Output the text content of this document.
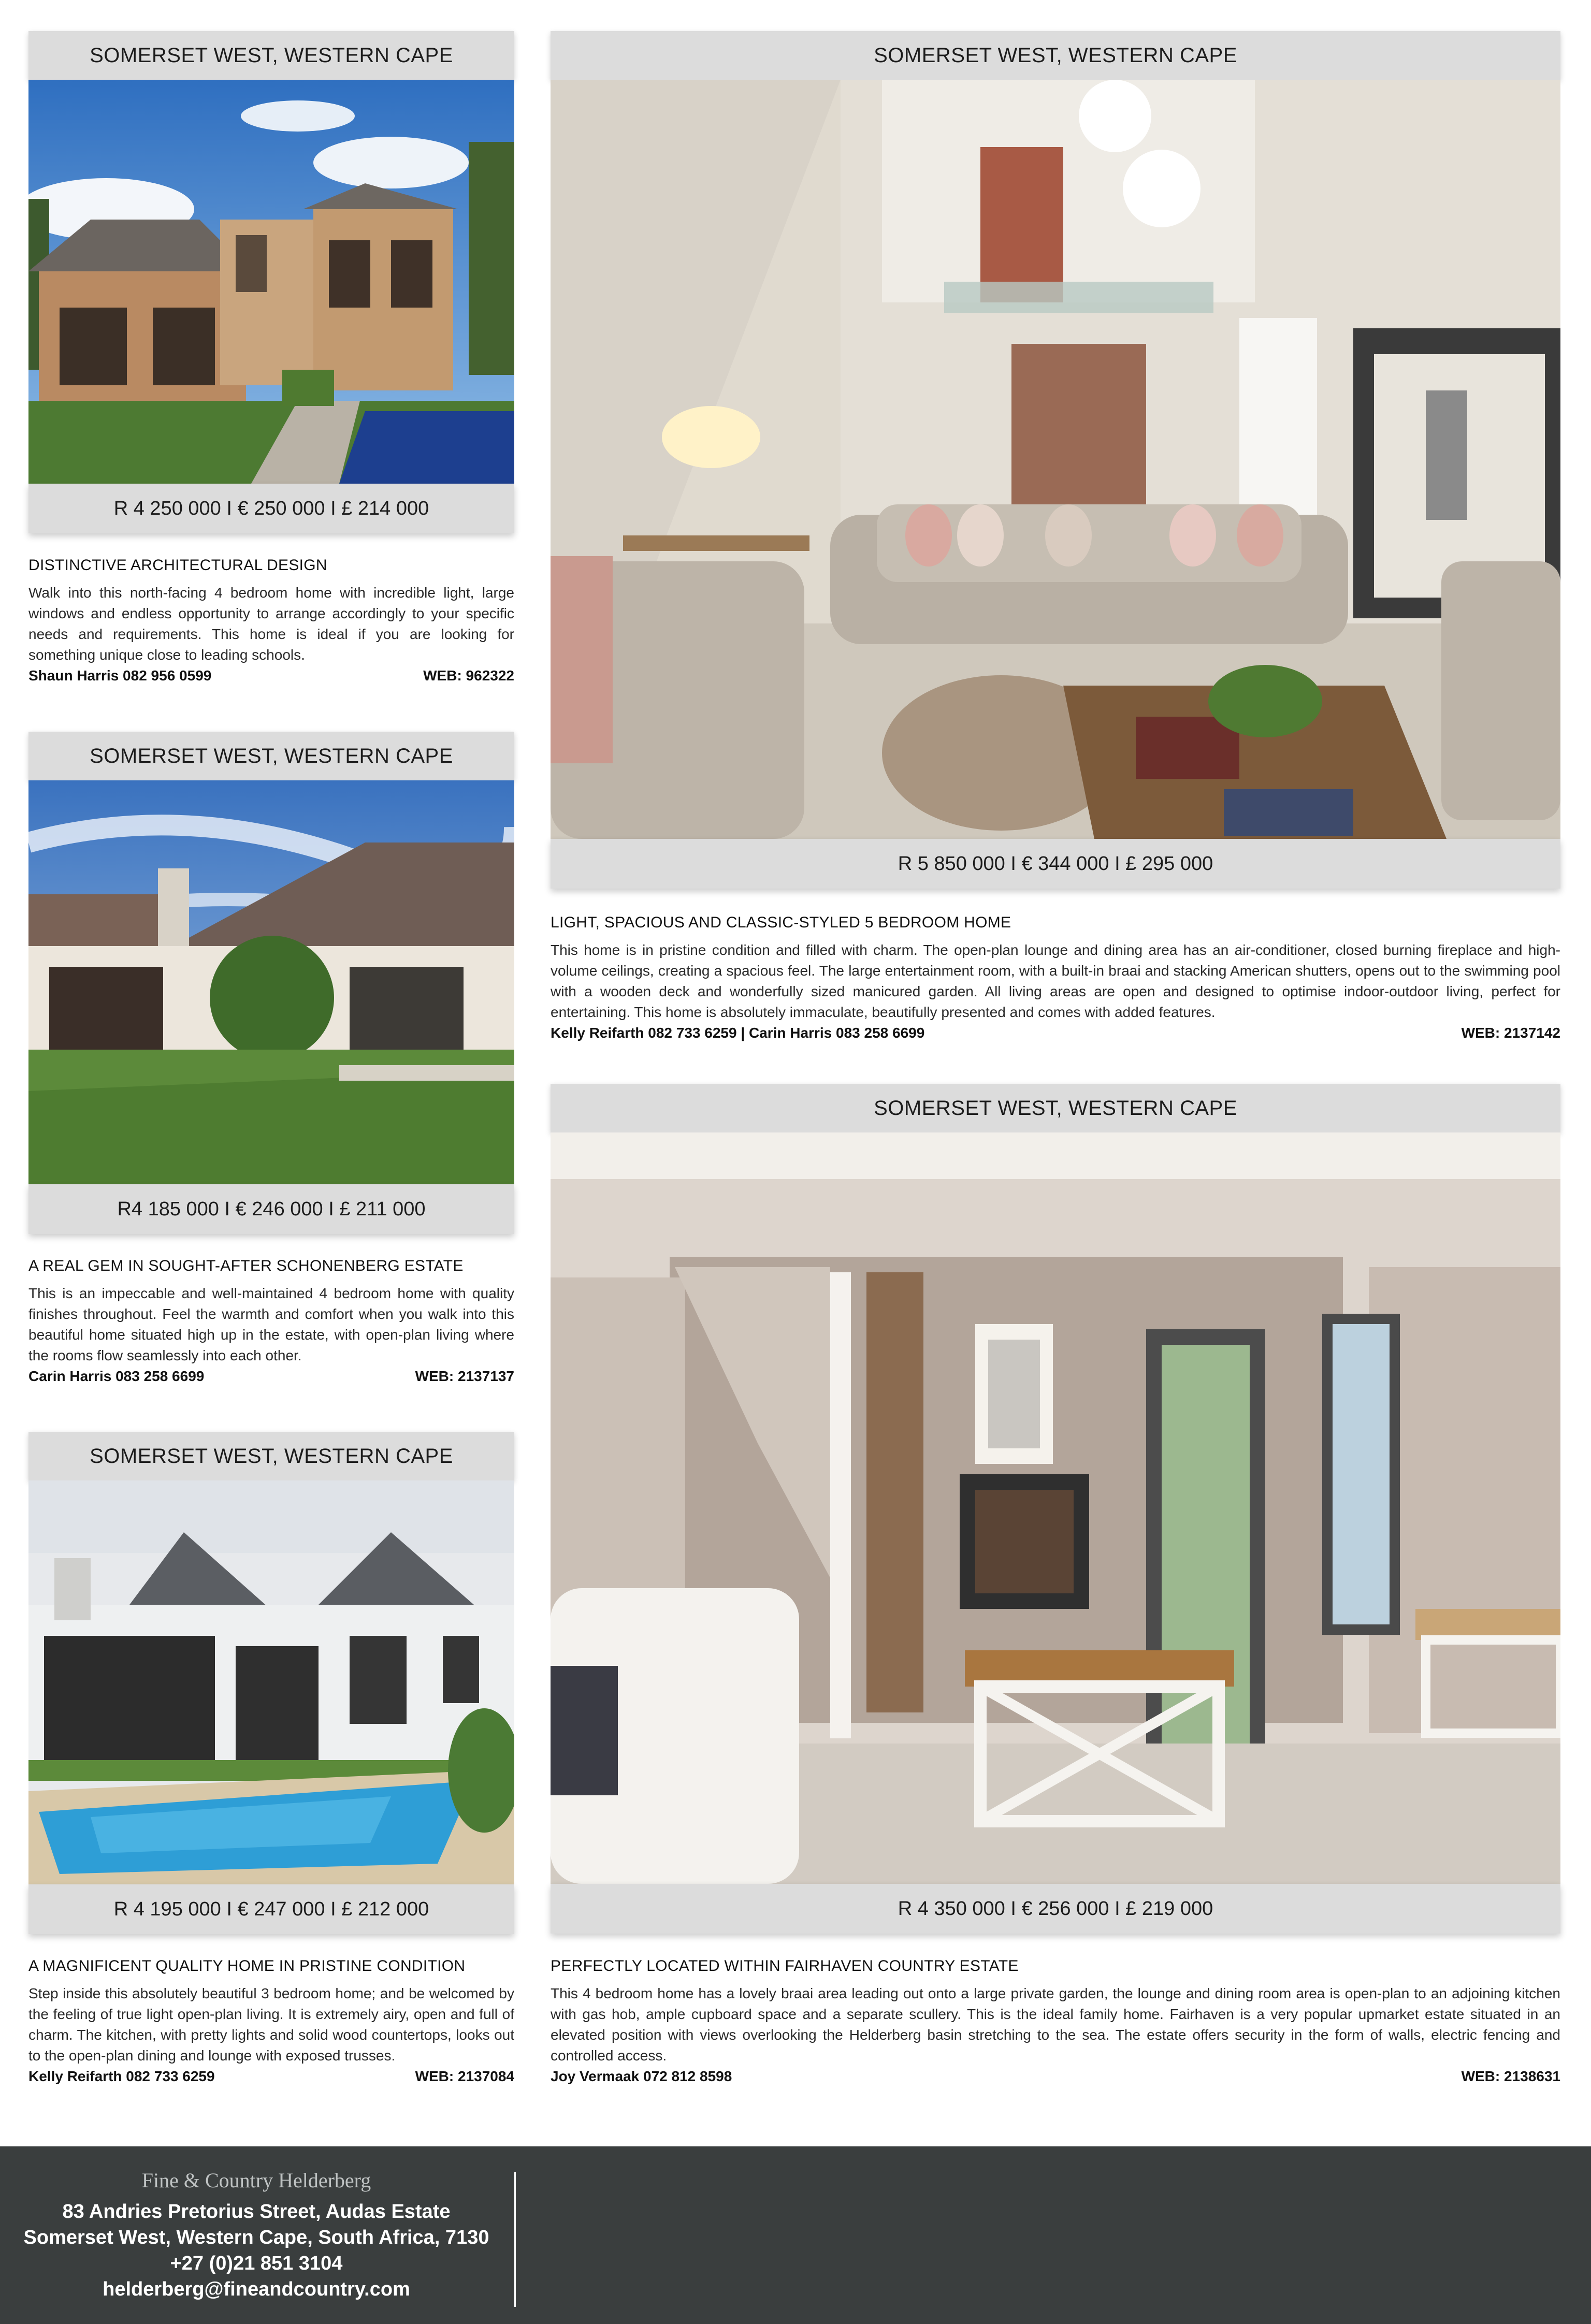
SOMERSET WEST, WESTERN CAPE
R 4 250 000 I € 250 000 I £ 214 000
DISTINCTIVE ARCHITECTURAL DESIGN

Walk into this north-facing 4 bedroom home with incredible light, large windows and endless opportunity to arrange accordingly to your specific needs and requirements. This home is ideal if you are looking for something unique close to leading schools.

Shaun Harris 082 956 0599	WEB: 962322
SOMERSET WEST, WESTERN CAPE
R 5 850 000 I € 344 000 I £ 295 000
LIGHT, SPACIOUS AND CLASSIC-STYLED 5 BEDROOM HOME

This home is in pristine condition and filled with charm. The open-plan lounge and dining area has an air-conditioner, closed burning fireplace and high-volume ceilings, creating a spacious feel. The large entertainment room, with a built-in braai and stacking American shutters, opens out to the swimming pool with a wooden deck and wonderfully sized manicured garden. All living areas are open and designed to optimise indoor-outdoor living, perfect for entertaining. This home is absolutely immaculate, beautifully presented and comes with added features.

Kelly Reifarth 082 733 6259 | Carin Harris 083 258 6699	WEB: 2137142
SOMERSET WEST, WESTERN CAPE
R4 185 000 I € 246 000 I £ 211 000
A REAL GEM IN SOUGHT-AFTER SCHONENBERG ESTATE

This is an impeccable and well-maintained 4 bedroom home with quality finishes throughout. Feel the warmth and comfort when you walk into this beautiful home situated high up in the estate, with open-plan living where the rooms flow seamlessly into each other.

Carin Harris 083 258 6699	WEB: 2137137
SOMERSET WEST, WESTERN CAPE
R 4 350 000 I € 256 000 I £ 219 000
PERFECTLY LOCATED WITHIN FAIRHAVEN COUNTRY ESTATE

This 4 bedroom home has a lovely braai area leading out onto a large private garden, the lounge and dining room area is open-plan to an adjoining kitchen with gas hob, ample cupboard space and a separate scullery. This is the ideal family home. Fairhaven is a very popular upmarket estate situated in an elevated position with views overlooking the Helderberg basin stretching to the sea. The estate offers security in the form of walls, electric fencing and controlled access.

Joy Vermaak 072 812 8598	WEB: 2138631
SOMERSET WEST, WESTERN CAPE
R 4 195 000 I € 247 000 I £ 212 000
A MAGNIFICENT QUALITY HOME IN PRISTINE CONDITION

Step inside this absolutely beautiful 3 bedroom home; and be welcomed by the feeling of true light open-plan living. It is extremely airy, open and full of charm. The kitchen, with pretty lights and solid wood countertops, looks out to the open-plan dining and lounge with exposed trusses.

Kelly Reifarth 082 733 6259	WEB: 2137084
Fine & Country Helderberg
83 Andries Pretorius Street, Audas Estate
Somerset West, Western Cape, South Africa, 7130
+27 (0)21 851 3104
helderberg@fineandcountry.com
